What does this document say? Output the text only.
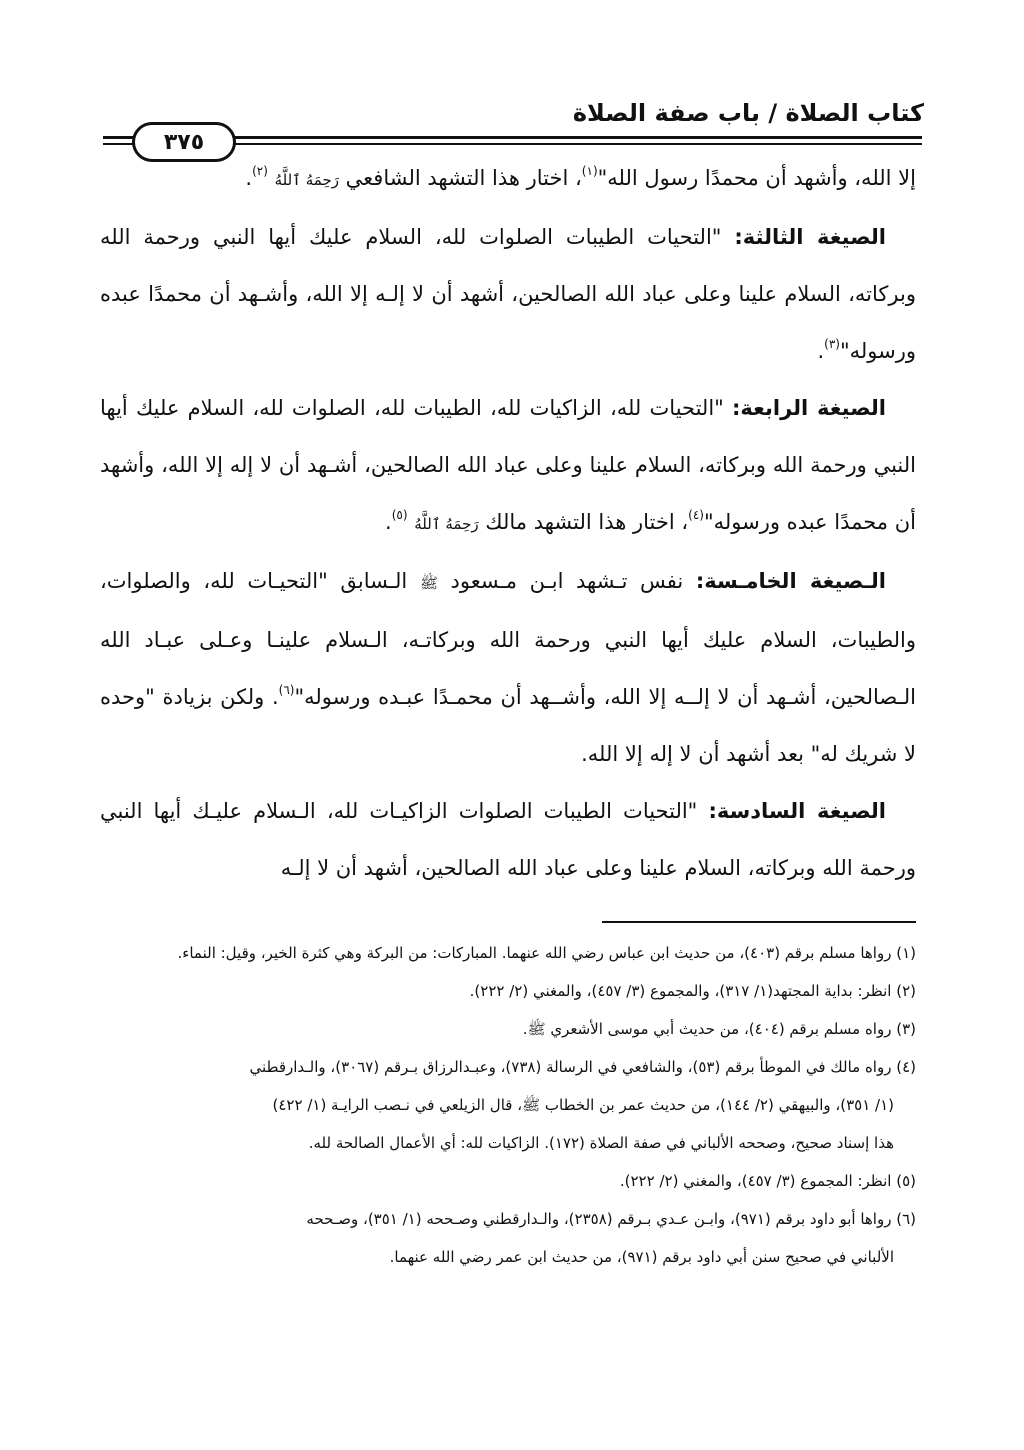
كتاب الصلاة / باب صفة الصلاة
٣٧٥

إلا الله، وأشهد أن محمدًا رسول الله"$^{(١)}$، اختار هذا التشهد الشافعي رَحِمَهُ ٱللَّهُ $^{(٢)}$.

الصيغة الثالثة: "التحيات الطيبات الصلوات لله، السلام عليك أيها النبي ورحمة الله وبركاته، السلام علينا وعلى عباد الله الصالحين، أشهد أن لا إلـه إلا الله، وأشـهد أن محمدًا عبده ورسوله"$^{(٣)}$.

الصيغة الرابعة: "التحيات لله، الزاكيات لله، الطيبات لله، الصلوات لله، السلام عليك أيها النبي ورحمة الله وبركاته، السلام علينا وعلى عباد الله الصالحين، أشـهد أن لا إله إلا الله، وأشهد أن محمدًا عبده ورسوله"$^{(٤)}$، اختار هذا التشهد مالك رَحِمَهُ ٱللَّهُ $^{(٥)}$.

الـصيغة الخامـسة: نفس تـشهد ابـن مـسعود ﷺ الـسابق "التحيـات لله، والصلوات، والطيبات، السلام عليك أيها النبي ورحمة الله وبركاتـه، الـسلام علينـا وعـلى عبـاد الله الـصالحين، أشـهد أن لا إلــه إلا الله، وأشــهد أن محمـدًا عبـده ورسوله"$^{(٦)}$. ولكن بزيادة "وحده لا شريك له" بعد أشهد أن لا إله إلا الله.

الصيغة السادسة: "التحيات الطيبات الصلوات الزاكيـات لله، الـسلام عليـك أيها النبي ورحمة الله وبركاته، السلام علينا وعلى عباد الله الصالحين، أشهد أن لا إلـه

(١) رواها مسلم برقم (٤٠٣)، من حديث ابن عباس رضي الله عنهما. المباركات: من البركة وهي كثرة الخير، وقيل: النماء.

(٢) انظر: بداية المجتهد(١/ ٣١٧)، والمجموع (٣/ ٤٥٧)، والمغني (٢/ ٢٢٢).

(٣) رواه مسلم برقم (٤٠٤)، من حديث أبي موسى الأشعري ﷺ.

(٤) رواه مالك في الموطأ برقم (٥٣)، والشافعي في الرسالة (٧٣٨)، وعبـدالرزاق بـرقم (٣٠٦٧)، والـدارقطني

(١/ ٣٥١)، والبيهقي (٢/ ١٤٤)، من حديث عمر بن الخطاب ﷺ، قال الزيلعي في نـصب الرايـة (١/ ٤٢٢)

هذا إسناد صحيح، وصححه الألباني في صفة الصلاة (١٧٢). الزاكيات لله: أي الأعمال الصالحة لله.

(٥) انظر: المجموع (٣/ ٤٥٧)، والمغني (٢/ ٢٢٢).

(٦) رواها أبو داود برقم (٩٧١)، وابـن عـدي بـرقم (٢٣٥٨)، والـدارقطني وصـححه (١/ ٣٥١)، وصـححه

الألباني في صحيح سنن أبي داود برقم (٩٧١)، من حديث ابن عمر رضي الله عنهما.
